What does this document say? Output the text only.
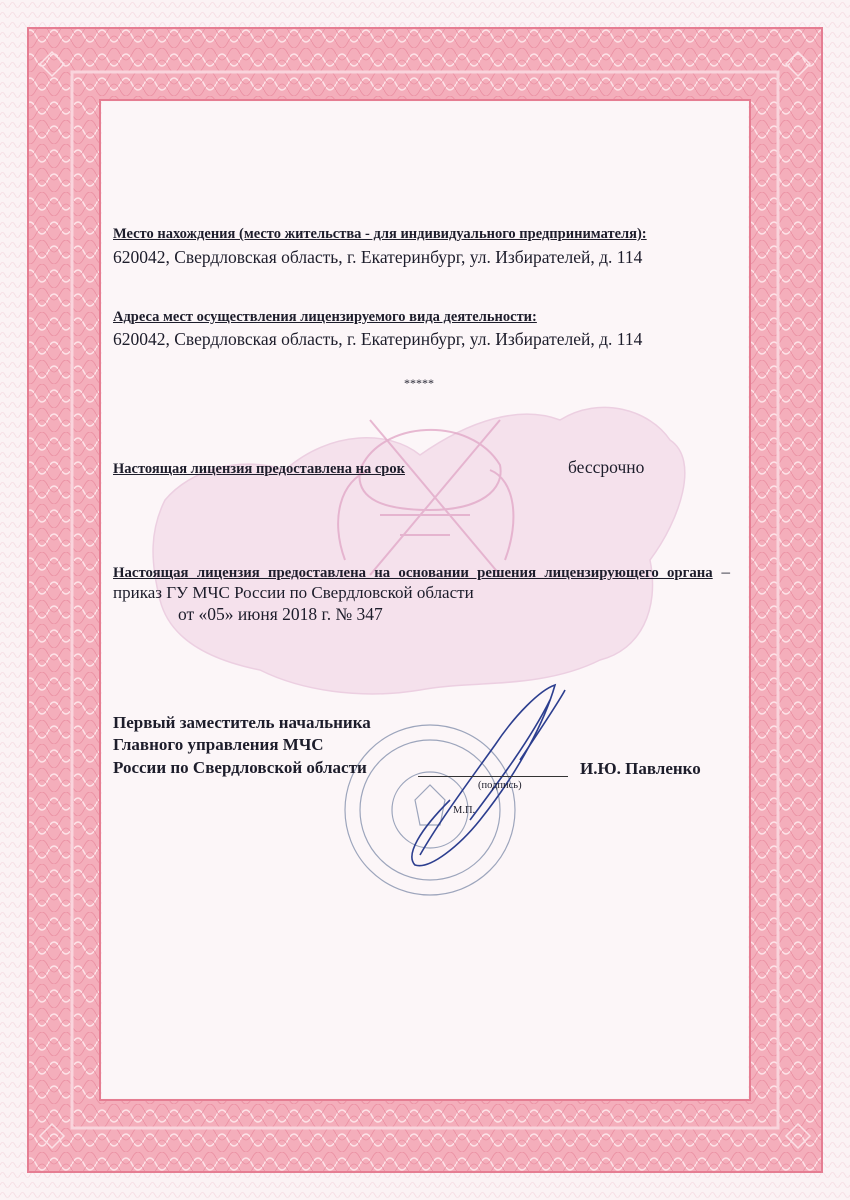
Место нахождения (место жительства - для индивидуального предпринимателя):
620042, Свердловская область, г. Екатеринбург, ул. Избирателей, д. 114
Адреса мест осуществления лицензируемого вида деятельности:
620042, Свердловская область, г. Екатеринбург, ул. Избирателей, д. 114
*****
Настоящая лицензия предоставлена на срок	бессрочно
Настоящая лицензия предоставлена на основании решения лицензирующего органа – приказ ГУ МЧС России по Свердловской области
от «05» июня 2018 г. № 347
Первый заместитель начальника
Главного управления МЧС
России по Свердловской области
(подпись)
М.П.
И.Ю. Павленко
